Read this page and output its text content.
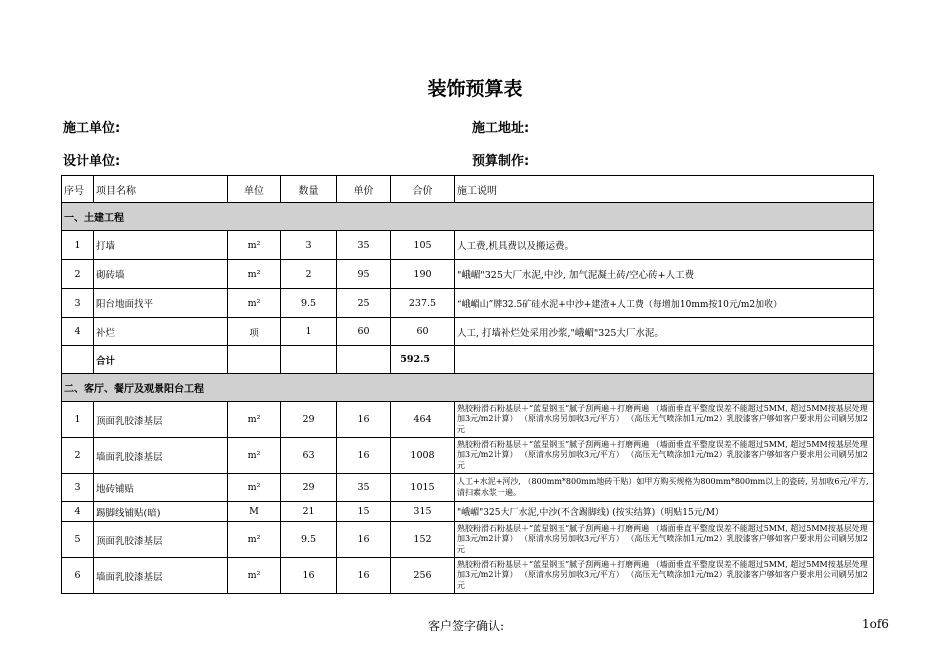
装饰预算表
施工单位:	施工地址:
设计单位:	预算制作:
序号	项目名称	单位	数量	单价	合价	施工说明
一、土建工程						
1	打墙	m²	3	35	105	人工费,机具费以及搬运费。
2	砌砖墙	m²	2	95	190	"峨嵋"325大厂水泥,中沙, 加气泥凝土砖/空心砖+人工费
3	阳台地面找平	m²	9.5	25	237.5	“峨嵋山”牌32.5矿硅水泥+中沙+建渣+人工费（每增加10mm按10元/m2加收）
4	补烂	项	1	60	60	人工, 打墙补烂处采用沙浆,"峨嵋"325大厂水泥。
	合计				592.5	
二、客厅、餐厅及观景阳台工程						
1	顶面乳胶漆基层	m²	29	16	464	熟胶粉滑石粉基层＋“蓝星钢玉”腻子刮两遍＋打磨两遍 （墙面垂直平整度误差不能超过5MM, 超过5MM按基层处理加3元/m2计算） （原清水房另加收3元/平方） （高压无气喷涂加1元/m2）乳胶漆客户够如客户要求用公司刷另加2元
2	墙面乳胶漆基层	m²	63	16	1008	熟胶粉滑石粉基层＋“蓝星钢玉”腻子刮两遍＋打磨两遍 （墙面垂直平整度误差不能超过5MM, 超过5MM按基层处理加3元/m2计算） （原清水房另加收3元/平方） （高压无气喷涂加1元/m2）乳胶漆客户够如客户要求用公司刷另加2元
3	地砖铺贴	m²	29	35	1015	人工+水泥+河沙, （800mm*800mm地砖干贴）如甲方购买规格为800mm*800mm以上的瓷砖, 另加收6元/平方, 清扫素水浆一遍。
4	踢脚线铺贴(暗)	M	21	15	315	"峨嵋"325大厂水泥,中沙(不含踢脚线) (按实结算)（明贴15元/M）
5	顶面乳胶漆基层	m²	9.5	16	152	熟胶粉滑石粉基层＋“蓝星钢玉”腻子刮两遍＋打磨两遍 （墙面垂直平整度误差不能超过5MM, 超过5MM按基层处理加3元/m2计算） （原清水房另加收3元/平方） （高压无气喷涂加1元/m2）乳胶漆客户够如客户要求用公司刷另加2元
6	墙面乳胶漆基层	m²	16	16	256	熟胶粉滑石粉基层＋“蓝星钢玉”腻子刮两遍＋打磨两遍 （墙面垂直平整度误差不能超过5MM, 超过5MM按基层处理加3元/m2计算） （原清水房另加收3元/平方） （高压无气喷涂加1元/m2）乳胶漆客户够如客户要求用公司刷另加2元
客户签字确认:	1of6
